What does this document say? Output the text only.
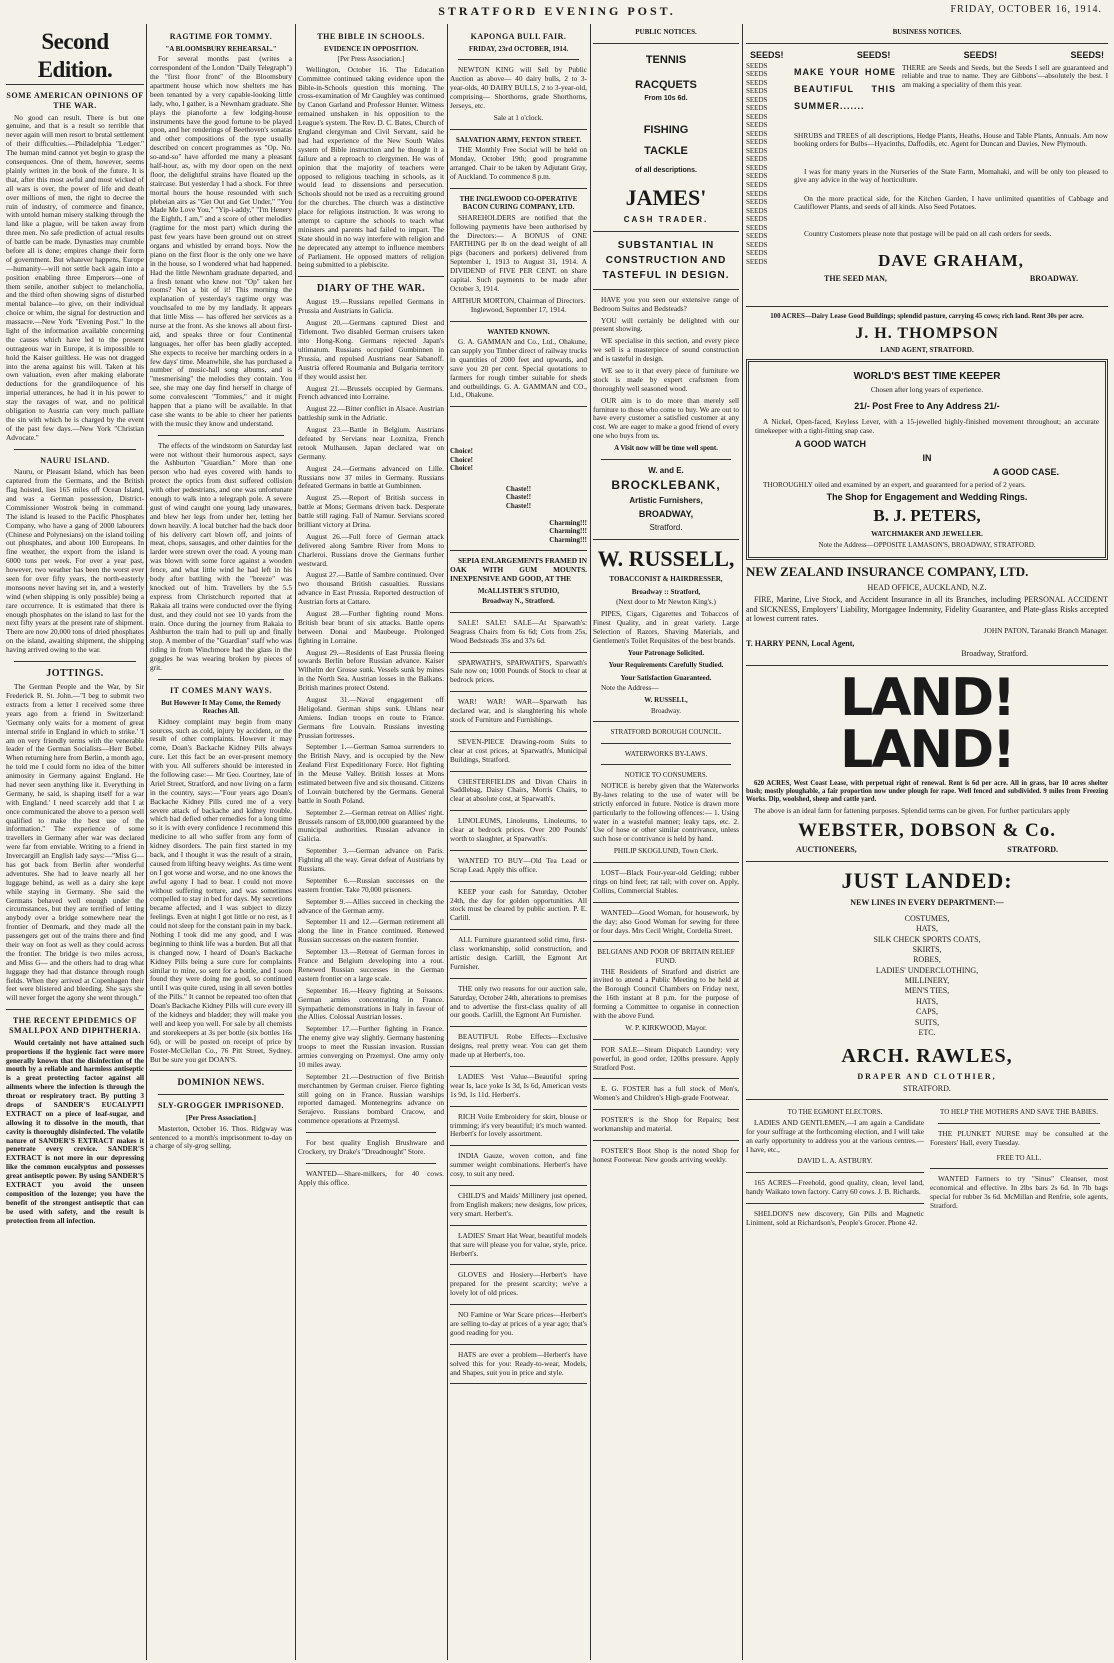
STRATFORD EVENING POST.	FRIDAY, OCTOBER 16, 1914.
Second Edition.
SOME AMERICAN OPINIONS OF THE WAR.

No good can result. There is but one genuine, and that is a result so terrible that never again will men resort to brutal settlement of their difficulties.—Philadelphia "Ledger." The human mind cannot yet begin to grasp the consequences. One of them, however, seems plainly written in the book of the future. It is that, after this most awful and most wicked of all wars is over, the power of life and death over millions of men, the right to decree the ruin of industry, of commerce and finance, with untold human misery stalking through the land like a plague, will be taken away from three men. No safe prediction of actual results of battle can be made. Dynasties may crumble before all is done; empires change their form of government. But whatever happens, Europe—humanity—will not settle back again into a position enabling three Emperors—one of them senile, another subject to melancholia, and the third often showing signs of disturbed mental balance—to give, on their individual choice or whim, the signal for destruction and massacre.—New York "Evening Post." In the light of the information available concerning the causes which have led to the present outrageous war in Europe, it is impossible to hold the Kaiser guiltless. He was not dragged into the arena against his will. Taken at his own valuation, even after making elaborate deductions for the grandiloquence of his imperial utterances, he had it in his power to stay the ravages of war, and no political obligation to Austria can very much palliate the sin with which he is charged by the event of the past few days.—New York "Christian Advocate."

NAURU ISLAND.

Nauru, or Pleasant Island, which has been captured from the Germans, and the British flag hoisted, lies 165 miles off Ocean Island, and was a German possession, District-Commissioner Wostrok being in command. The island is leased to the Pacific Phosphates Company, who have a gang of 2000 labourers (Chinese and Polynesians) on the island toiling out phosphates, and about 100 Europeans. In fine weather, the export from the island is 6000 tons per week. For over a year past, however, two weather has been the worst ever seen for over fifty years, the north-easterly monsoons never having set in, and a westerly wind (when shipping is only possible) being a rare occurrence. It is estimated that there is enough phosphates on the island to last for the next fifty years at the present rate of shipment. There are now 20,000 tons of dried phosphates on the island, awaiting shipment, the shipping having arrived owing to the war.

JOTTINGS.

The German People and the War, by Sir Frederick R. St. John.—"I beg to submit two extracts from a letter I received some three years ago from a friend in Switzerland: 'Germany only waits for a moment of great internal strife in England in which to strike.' 'I am on very friendly terms with the venerable leader of the German Socialists—Herr Bebel. When returning here from Berlin, a month ago, he told me I could form no idea of the bitter animosity in Germany against England. He had never seen anything like it. Everything in Germany, he said, is shaping itself for a war with England.' I need scarcely add that I at once communicated the above to a person well qualified to make the best use of the information." The experience of some travellers in Germany after war was declared were far from enviable. Writing to a friend in Invercargill an English lady says:—"Miss G— has got back from Berlin after wonderful adventures. She had to leave nearly all her luggage behind, as well as a dairy she kept while staying in Germany. She said the Germans behaved well enough under the circumstances, but they are terrified of letting anybody over a bridge somewhere near the frontier of Denmark, and they made all the passengers get out of the trains there and find their way on foot as well as they could across the frontier. The bridge is two miles across, and Miss G— and the others had to drag what luggage they had that distance through rough fields. When they arrived at Copenhagen their feet were blistered and bleeding. She says she will never forget the agony she went through."

THE RECENT EPIDEMICS OF SMALLPOX AND DIPHTHERIA.

Would certainly not have attained such proportions if the hygienic fact were more generally known that the disinfection of the mouth by a reliable and harmless antiseptic is a great protecting factor against all ailments where the infection is through the throat or respiratory tract. By putting 3 drops of SANDER'S EUCALYPTI EXTRACT on a piece of loaf-sugar, and allowing it to dissolve in the mouth, that cavity is thoroughly disinfected. The volatile nature of SANDER'S EXTRACT makes it penetrate every crevice. SANDER'S EXTRACT is not more in our depressing like the common eucalyptus and possesses great antiseptic power. By using SANDER'S EXTRACT you avoid the unseen composition of the lozenge; you have the benefit of the strongest antiseptic that can be used with safety, and the result is protection from all infection.

RAGTIME FOR TOMMY.
"A BLOOMSBURY REHEARSAL."

For several months past (writes a correspondent of the London "Daily Telegraph") the "first floor front" of the Bloomsbury apartment house which now shelters me has been tenanted by a very capable-looking little lady, who, I gather, is a Newnham graduate. She plays the pianoforte a few lodging-house instruments have the good fortune to be played upon, and her renderings of Beethoven's sonatas and other compositions of the type usually described on concert programmes as "Op. No. so-and-so" have afforded me many a pleasant half-hour, as, with my door open on the next floor, the delightful strains have floated up the staircase. But yesterday I had a shock. For three mortal hours the house resounded with such plebeian airs as "Get Out and Get Under," "You Made Me Love You," "Yip-i-addy," "I'm Henery the Eighth, I am," and a score of other melodies (ragtime for the most part) which during the past few years have been ground out on street organs and whistled by errand boys. Now the piano on the first floor is the only one we have in the house, so I wondered what had happened. Had the little Newnham graduate departed, and a fresh tenant who knew not "Op" taken her rooms? Not a bit of it! This morning the explanation of yesterday's ragtime orgy was vouchsafed to me by my landlady. It appears that little Miss — has offered her services as a nurse at the front. As she knows all about first-aid, and speaks three or four Continental languages, her offer has been gladly accepted. She expects to receive her marching orders in a few days' time. Meanwhile, she has purchased a number of music-hall song albums, and is "mesmerising" the melodies they contain. You see, she may one day find herself in charge of some convalescent "Tommies," and it might happen that a piano will be available. In that case she wants to be able to cheer her patients with the music they know and understand.

The effects of the windstorm on Saturday last were not without their humorous aspect, says the Ashburton "Guardian." More than one person who had eyes covered with hands to protect the optics from dust suffered collision with other pedestrians, and one was unfortunate enough to walk into a telegraph pole. A severe gust of wind caught one young lady unawares, and blew her legs from under her, letting her down heavily. A local butcher had the back door of his delivery cart blown off, and joints of meat, chops, sausages, and other dainties for the larder were strewn over the road. A young man was blown with some force against a wooden fence, and what little wind he had left in his body after battling with the "breeze" was knocked out of him. Travellers by the 5.5 express from Christchurch reported that at Rakaia all trains were conducted over the flying dust, and they could not see 10 yards from the train. Once during the journey from Rakaia to Ashburton the train had to pull up and finally stop. A member of the "Guardian" staff who was riding in from Winchmore had the glass in the goggles he was wearing broken by pieces of grit.

IT COMES MANY WAYS.
But However It May Come, the Remedy Reaches All.

Kidney complaint may begin from many sources, such as cold, injury by accident, or the result of other complaints. However it may come, Doan's Backache Kidney Pills always cure. Let this fact be an ever-present memory with you. All sufferers should be interested in the following case:— Mr Geo. Courtney, late of Ariel Street, Stratford, and now living on a farm in the country, says:—"Four years ago Doan's Backache Kidney Pills cured me of a very severe attack of backache and kidney trouble, which had defied other remedies for a long time so it is with every confidence I recommend this medicine to all who suffer from any form of kidney disorders. The pain first started in my back, and I thought it was the result of a strain, caused from lifting heavy weights. As time went on I got worse and worse, and no one knows the awful agony I had to bear. I could not move without suffering torture, and was sometimes compelled to stay in bed for days. My secretions became affected, and I was subject to dizzy feelings. Even at night I got little or no rest, as I could not sleep for the constant pain in my back. Nothing I took did me any good, and I was beginning to think life was a burden. But all that is changed now, I heard of Doan's Backache Kidney Pills being a sure cure for complaints similar to mine, so sent for a bottle, and I soon found they were doing me good, so continued until I was quite cured, using in all seven bottles of the Pills." It cannot be repeated too often that Doan's Backache Kidney Pills will cure every ill of the kidneys and bladder; they will make you well and keep you well. For sale by all chemists and storekeepers at 3s per bottle (six bottles 16s 6d), or will be posted on receipt of price by Foster-McClellan Co., 76 Pitt Street, Sydney. But be sure you get DOAN'S.

DOMINION NEWS.
SLY-GROGGER IMPRISONED.
[Per Press Association.]

Masterton, October 16. Thos. Ridgway was sentenced to a month's imprisonment to-day on a charge of sly-grog selling.

THE BIBLE IN SCHOOLS.
EVIDENCE IN OPPOSITION.
[Per Press Association.]

Wellington, October 16. The Education Committee continued taking evidence upon the Bible-in-Schools question this morning. The cross-examination of Mr Caughley was continued by Canon Garland and Professor Hunter. Witness remained unshaken in his opposition to the League's system. The Rev. D. C. Bates, Church of England clergyman and Civil Servant, said he had had experience of the New South Wales system of Bible instruction and he thought it a failure and a reproach to clergymen. He was of opinion that the majority of teachers were opposed to religious teaching in schools, as it would lead to dissensions and persecution. Schools should not be used as a recruiting ground for the churches. The church was a distinctive place for religious instruction. It was wrong to attempt to capture the schools to teach what ministers and parents had failed to impart. The State should in no way interfere with religion and he deprecated any attempt to influence members of Parliament. He opposed matters of religion being submitted to a plebiscite.

DIARY OF THE WAR.

August 19.—Russians repelled Germans in Prussia and Austrians in Galicia.

August 20.—Germans captured Diest and Tirlemont. Two disabled German cruisers taken into Hong-Kong. Germans rejected Japan's ultimatum. Russians occupied Gumbinnen in Prussia, and repulsed Austrians near Sabanoff. Austria offered Roumania and Bulgaria territory if they would assist her.

August 21.—Brussels occupied by Germans. French advanced into Lorraine.

August 22.—Bitter conflict in Alsace. Austrian battleship sunk in the Adriatic.

August 23.—Battle in Belgium. Austrians defeated by Servians near Loznitza, French retook Mulhausen. Japan declared war on Germany.

August 24.—Germans advanced on Lille. Russians now 37 miles in Germany. Russians defeated Germans in battle at Gumbinnen.

August 25.—Report of British success in battle at Mons; Germans driven back. Desperate battle still raging. Fall of Namur. Servians scored brilliant victory at Drina.

August 26.—Full force of German attack delivered along Sambre River from Mons to Charleroi. Russians drove the Germans further westward.

August 27.—Battle of Sambre continued. Over two thousand British casualties. Russians advance in East Prussia. Reported destruction of Austrian forts at Cattaro.

August 28.—Further fighting round Mons. British bear brunt of six attacks. Battle opens between Donai and Maubeuge. Prolonged fighting in Lorraine.

August 29.—Residents of East Prussia fleeing towards Berlin before Russian advance. Kaiser Wilhelm der Grosse sunk. Vessels sunk by mines in the North Sea. Austrian losses in the Balkans. British marines protect Ostend.

August 31.—Naval engagement off Heligoland. German ships sunk. Uhlans near Amiens. Indian troops en route to France. Germans fire Louvain. Russians investing Prussian fortresses.

September 1.—German Samoa surrenders to the British Navy, and is occupied by the New Zealand First Expeditionary Force. Hot fighting in the Meuse Valley. British losses at Mons estimated between five and six thousand. Citizens of Louvain butchered by the Germans. General battle in South Poland.

September 2.—German retreat on Allies' right. Brussels ransom of £8,000,000 guaranteed by the municipal authorities. Russian advance in Galicia.

September 3.—German advance on Paris. Fighting all the way. Great defeat of Austrians by Russians.

September 6.—Russian successes on the eastern frontier. Take 70,000 prisoners.

September 9.—Allies succeed in checking the advance of the German army.

September 11 and 12.—German retirement all along the line in France continued. Renewed Russian successes on the eastern frontier.

September 13.—Retreat of German forces in France and Belgium developing into a rout. Renewed Russian successes in the German eastern frontier on a large scale.

September 16.—Heavy fighting at Soissons. German armies concentrating in France. Sympathetic demonstrations in Italy in favour of the Allies. Colossal Austrian losses.

September 17.—Further fighting in France. The enemy give way slightly. Germany hastening troops to meet the Russian invasion. Russian armies converging on Przemysl. One army only 10 miles away.

September 21.—Destruction of five British merchantmen by German cruiser. Fierce fighting still going on in France. Russian warships reported damaged. Montenegrins advance on Serajevo. Russians bombard Cracow, and commence operations at Przemysl.

For best quality English Brushware and Crockery, try Drake's "Dreadnought" Store.

WANTED—Share-milkers, for 40 cows. Apply this office.

KAPONGA BULL FAIR.
FRIDAY, 23rd OCTOBER, 1914.

NEWTON KING will Sell by Public Auction as above— 40 dairy bulls, 2 to 3-year-olds, 40 DAIRY BULLS, 2 to 3-year-old, comprising— Shorthorns, grade Shorthorns, Jerseys, etc.

Sale at 1 o'clock.

SALVATION ARMY, FENTON STREET.

THE Monthly Free Social will be held on Monday, October 19th; good programme arranged. Chair to be taken by Adjutant Gray, of Auckland. To commence 8 p.m.

THE INGLEWOOD CO-OPERATIVE BACON CURING COMPANY, LTD.

SHAREHOLDERS are notified that the following payments have been authorised by the Directors:— A BONUS of ONE FARTHING per lb on the dead weight of all pigs (baconers and porkers) delivered from September 1, 1913 to August 31, 1914. A DIVIDEND of FIVE PER CENT. on share capital. Such payments to be made after October 3, 1914.

ARTHUR MORTON, Chairman of Directors. Inglewood, September 17, 1914.

WANTED KNOWN.

G. A. GAMMAN and Co., Ltd., Ohakune, can supply you Timber direct of railway trucks in quantities of 2000 feet and upwards, and save you 20 per cent. Special quotations to farmers for rough timber suitable for sheds and outbuildings. G. A. GAMMAN and CO., Ltd., Ohakune.

Choice!
Choice!
Choice!
Chaste!!
Chaste!!
Chaste!!
Charming!!!
Charming!!!
Charming!!!

SEPIA ENLARGEMENTS FRAMED IN OAK WITH GUM MOUNTS. INEXPENSIVE AND GOOD, AT THE

McALLISTER'S STUDIO,
Broadway N., Stratford.

SALE! SALE! SALE—At Sparwath's: Seagrass Chairs from 6s 6d; Cots from 25s, Wood Bedsteads 35s and 37s 6d.

SPARWATH'S, SPARWATH'S, Sparwath's Sale now on; 1000 Pounds of Stock to clear at bedrock prices.

WAR! WAR! WAR—Sparwath has declared war, and is slaughtering his whole stock of Furniture and Furnishings.

SEVEN-PIECE Drawing-room Suits to clear at cost prices, at Sparwath's, Municipal Buildings, Stratford.

CHESTERFIELDS and Divan Chairs in Saddlebag, Daisy Chairs, Morris Chairs, to clear at absolute cost, at Sparwath's.

LINOLEUMS, Linoleums, Linoleums, to clear at bedrock prices. Over 200 Pounds' worth to slaughter, at Sparwath's.

WANTED TO BUY—Old Tea Lead or Scrap Lead. Apply this office.

KEEP your cash for Saturday, October 24th, the day for golden opportunities. All stock must be cleared by public auction. P. E. Carlill.

ALL Furniture guaranteed solid rimu, first-class workmanship, solid construction, and artistic design. Carlill, the Egmont Art Furnisher.

THE only two reasons for our auction sale, Saturday, October 24th, alterations to premises and to advertise the first-class quality of all our goods. Carlill, the Egmont Art Furnisher.

BEAUTIFUL Robe Effects—Exclusive designs, real pretty wear. You can get them made up at Herbert's, too.

LADIES Vest Value—Beautiful spring wear Is, lace yoke Is 3d, Is 6d, American vests 1s 9d, 1s 11d. Herbert's.

RICH Voile Embroidery for skirt, blouse or trimming; it's very beautiful; it's much wanted. Herbert's for lovely assortment.

INDIA Gauze, woven cotton, and fine summer weight combinations. Herbert's have cosy, to suit any need.

CHILD'S and Maids' Millinery just opened, from English makers; new designs, low prices, very smart. Herbert's.

LADIES' Smart Hat Wear, beautiful models that sure will please you for value, style, price. Herbert's.

GLOVES and Hosiery—Herbert's have prepared for the present scarcity; we've a lovely lot of old prices.

NO Famine or War Scare prices—Herbert's are selling to-day at prices of a year ago; that's good reading for you.

HATS are ever a problem—Herbert's have solved this for you: Ready-to-wear, Models, and Shapes, suit you in price and style.

PUBLIC NOTICES.
TENNIS
RACQUETS
From 10s 6d.
FISHING
TACKLE
of all descriptions.
JAMES'
CASH TRADER.
SUBSTANTIAL IN CONSTRUCTION AND TASTEFUL IN DESIGN.

HAVE you you seen our extensive range of Bedroom Suites and Bedsteads?

YOU will certainly be delighted with our present showing.

WE specialise in this section, and every piece we sell is a masterpiece of sound construction and is tasteful in design.

WE see to it that every piece of furniture we stock is made by expert craftsmen from thoroughly well seasoned wood.

OUR aim is to do more than merely sell furniture to those who come to buy. We are out to have every customer a satisfied customer at any cost. We are eager to make a good friend of every one who buys from us.

A Visit now will be time well spent.
W. and E.
BROCKLEBANK,
Artistic Furnishers,
BROADWAY,
Stratford.
W. RUSSELL,
TOBACCONIST & HAIRDRESSER,
Broadway :: Stratford,

(Next door to Mr Newton King's.)

PIPES, Cigars, Cigarettes and Tobaccos of Finest Quality, and in great variety. Large Selection of Razors, Shaving Materials, and Gentlemen's Toilet Requisites of the best brands.

Your Patronage Solicited.
Your Requirements Carefully Studied.
Your Satisfaction Guaranteed.

Note the Address—

W. RUSSELL,
Broadway.
STRATFORD BOROUGH COUNCIL.
WATERWORKS BY-LAWS.
NOTICE TO CONSUMERS.

NOTICE is hereby given that the Waterworks By-laws relating to the use of water will be strictly enforced in future. Notice is drawn more particularly to the following offences:— 1. Using water in a wasteful manner; leaky taps, etc. 2. Use of hose or other similar contrivance, unless such hose or contrivance is held by hand.

PHILIP SKOGLUND, Town Clerk.

LOST—Black Four-year-old Gelding; rubber rings on hind feet; rat tail; with cover on. Apply, Collins, Commercial Stables.

WANTED—Good Woman, for housework, by the day; also Good Woman for sewing for three or four days. Mrs Cecil Wright, Cordelia Street.

BELGIANS AND POOR OF BRITAIN RELIEF FUND.

THE Residents of Stratford and district are invited to attend a Public Meeting to be held at the Borough Council Chambers on Friday next, the 16th instant at 8 p.m. for the purpose of forming a Committee to organise in connection with the above Fund.

W. P. KIRKWOOD, Mayor.

FOR SALE—Steam Dispatch Laundry; very powerful, in good order, 120lbs pressure. Apply Stratford Post.

E. G. FOSTER has a full stock of Men's, Women's and Children's High-grade Footwear.

FOSTER'S is the Shop for Repairs; best workmanship and material.

FOSTER'S Boot Shop is the noted Shop for honest Footwear. New goods arriving weekly.

BUSINESS NOTICES.
SEEDS!	SEEDS!	SEEDS!	SEEDS!
SEEDS
SEEDS
SEEDS
SEEDS
SEEDS
SEEDS
SEEDS
SEEDS
SEEDS
SEEDS
SEEDS
SEEDS
SEEDS
SEEDS
SEEDS
SEEDS
SEEDS
SEEDS
SEEDS
SEEDS
SEEDS
SEEDS
SEEDS
SEEDS
MAKE YOUR HOME BEAUTIFUL THIS SUMMER.......
THERE are Seeds and Seeds, but the Seeds I sell are guaranteed and reliable and true to name. They are Gibbons'—absolutely the best. I am making a speciality of them this year.
SHRUBS and TREES of all descriptions, Hedge Plants, Heaths, House and Table Plants, Annuals. Am now booking orders for Bulbs—Hyacinths, Daffodils, etc. Agent for Duncan and Davies, New Plymouth.
I was for many years in the Nurseries of the State Farm, Momahaki, and will be only too pleased to give any advice in the way of horticulture.
On the more practical side, for the Kitchen Garden, I have unlimited quantities of Cabbage and Cauliflower Plants, and seeds of all kinds. Also Seed Potatoes.
Country Customers please note that postage will be paid on all cash orders for seeds.
DAVE GRAHAM,
THE SEED MAN,	BROADWAY.

100 ACRES—Dairy Lease Good Buildings; splendid pasture, carrying 45 cows; rich land. Rent 30s per acre.

J. H. THOMPSON
LAND AGENT, STRATFORD.
WORLD'S BEST TIME KEEPER

Chosen after long years of experience.

21/- Post Free to Any Address 21/-

A Nickel, Open-faced, Keyless Lever, with a 15-jewelled highly-finished movement throughout; an accurate timekeeper with a tight-fitting snap case.

A GOOD WATCH
IN
A GOOD CASE.

THOROUGHLY oiled and examined by an expert, and guaranteed for a period of 2 years.

The Shop for Engagement and Wedding Rings.
B. J. PETERS,
WATCHMAKER AND JEWELLER.
Note the Address—OPPOSITE LAMASON'S, BROADWAY, STRATFORD.
NEW ZEALAND INSURANCE COMPANY, LTD.
HEAD OFFICE, AUCKLAND, N.Z.

FIRE, Marine, Live Stock, and Accident Insurance in all its Branches, including PERSONAL ACCIDENT and SICKNESS, Employers' Liability, Mortgagee Indemnity, Fidelity Guarantee, and Plate-glass Risks accepted at lowest current rates.

JOHN PATON, Taranaki Branch Manager.

T. HARRY PENN, Local Agent,
Broadway, Stratford.
LAND! LAND!

620 ACRES, West Coast Lease, with perpetual right of renewal. Rent is 6d per acre. All in grass, bar 10 acres shelter bush; mostly ploughable, a fair proportion now under plough for rape. Well fenced and subdivided. 9 miles from Freezing Works. Dip, woolshed, sheep and cattle yard.

The above is an ideal farm for fattening purposes. Splendid terms can be given. For further particulars apply

WEBSTER, DOBSON & Co.
AUCTIONEERS,	STRATFORD.
JUST LANDED:
NEW LINES IN EVERY DEPARTMENT:—
COSTUMES,
HATS,
SILK CHECK SPORTS COATS,
SKIRTS,
ROBES,
LADIES' UNDERCLOTHING,
MILLINERY,
MEN'S TIES,
HATS,
CAPS,
SUITS,
ETC.
ARCH. RAWLES,
DRAPER AND CLOTHIER,
STRATFORD.
TO THE EGMONT ELECTORS.

LADIES AND GENTLEMEN,—I am again a Candidate for your suffrage at the forthcoming election, and I will take an early opportunity to address you at the various centres.—I have, etc.,

DAVID L. A. ASTBURY.

165 ACRES—Freehold, good quality, clean, level land, handy Waikato town factory. Carry 60 cows. J. B. Richards.

SHELDON'S new discovery, Gin Pills and Magnetic Liniment, sold at Richardson's, People's Grocer. Phone 42.

TO HELP THE MOTHERS AND SAVE THE BABIES.

THE PLUNKET NURSE may be consulted at the Foresters' Hall, every Tuesday.

FREE TO ALL.

WANTED Farmers to try "Sinus" Cleanser, most economical and effective. In 2lbs bars 2s 6d. In 7lb bags special for rubber 3s 6d. McMillan and Renfrie, sole agents, Stratford.
